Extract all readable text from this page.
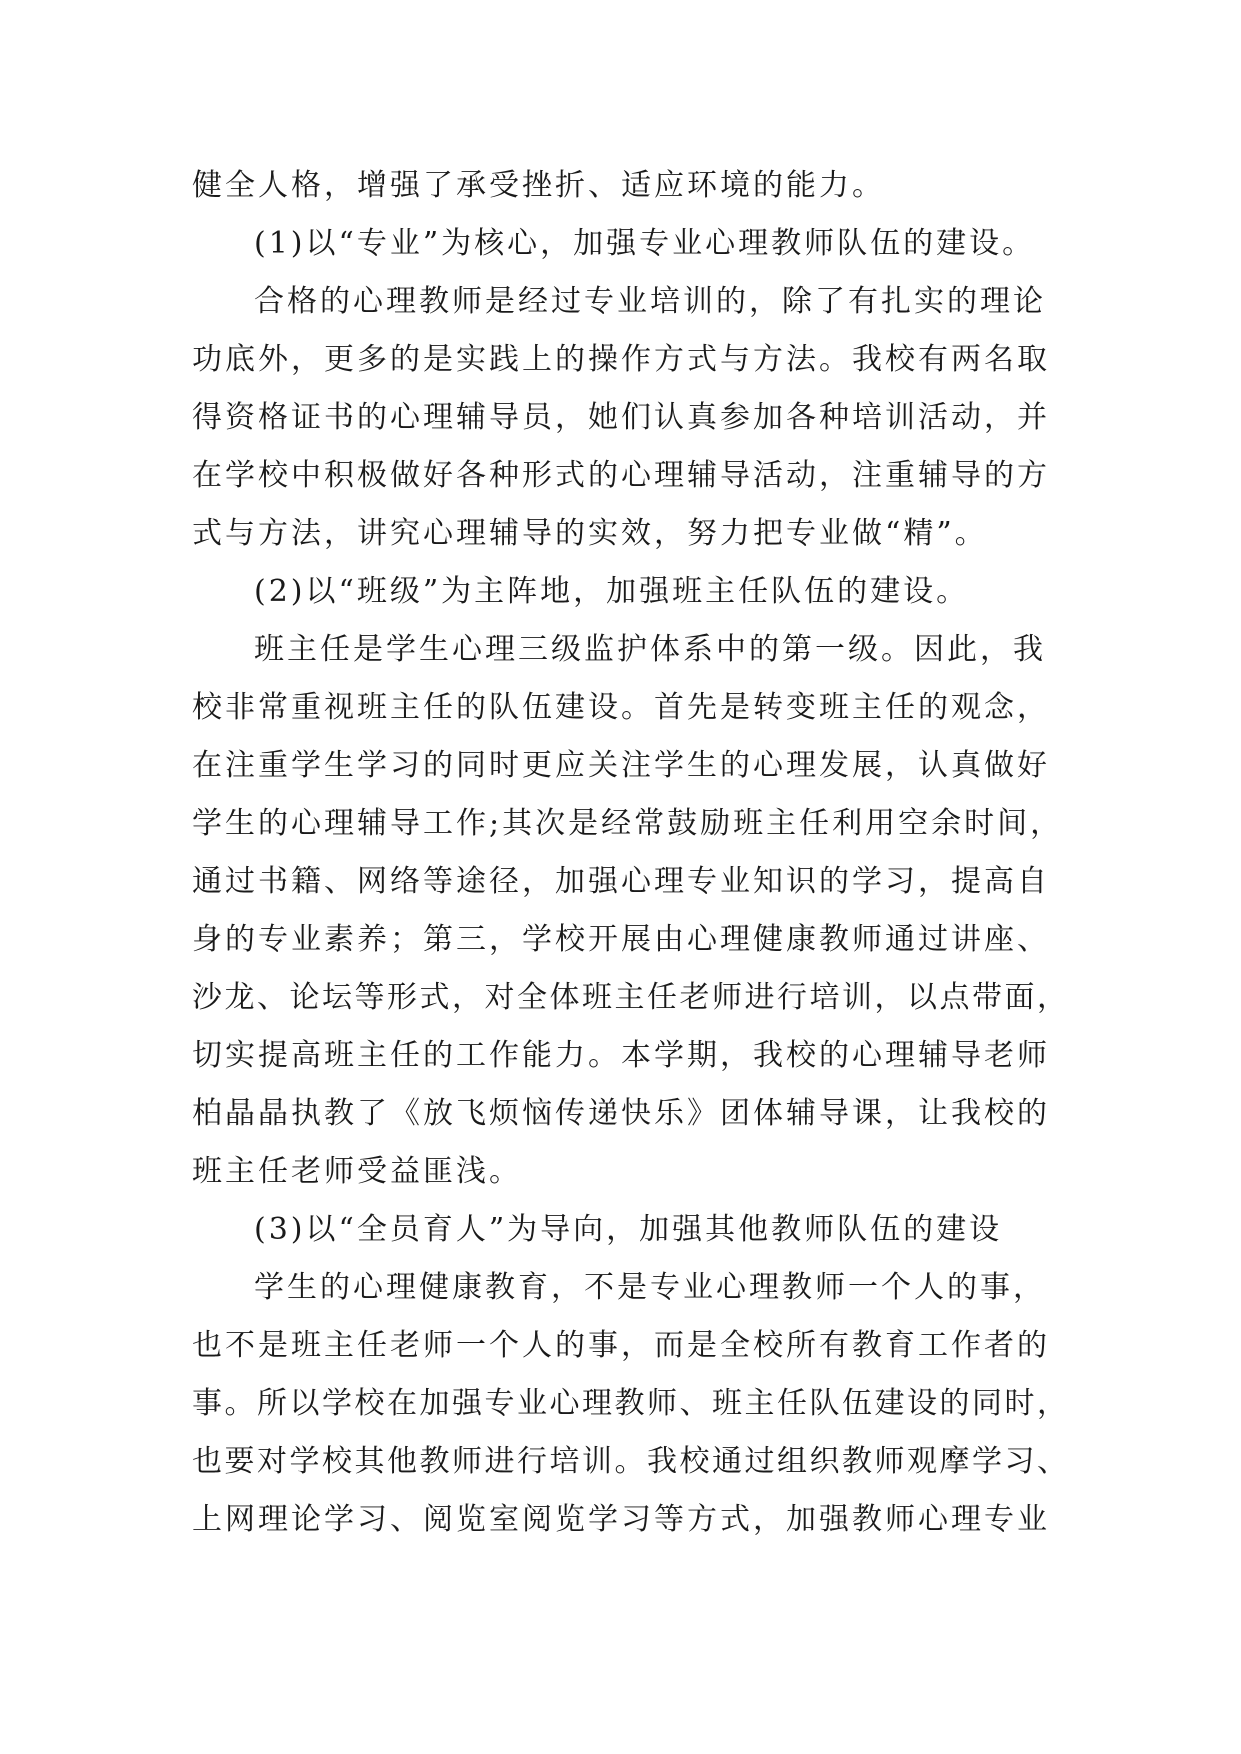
健全人格，增强了承受挫折、适应环境的能力。
(1)以“专业”为核心，加强专业心理教师队伍的建设。
合格的心理教师是经过专业培训的，除了有扎实的理论
功底外，更多的是实践上的操作方式与方法。我校有两名取
得资格证书的心理辅导员，她们认真参加各种培训活动，并
在学校中积极做好各种形式的心理辅导活动，注重辅导的方
式与方法，讲究心理辅导的实效，努力把专业做“精”。
(2)以“班级”为主阵地，加强班主任队伍的建设。
班主任是学生心理三级监护体系中的第一级。因此，我
校非常重视班主任的队伍建设。首先是转变班主任的观念，
在注重学生学习的同时更应关注学生的心理发展，认真做好
学生的心理辅导工作;其次是经常鼓励班主任利用空余时间，
通过书籍、网络等途径，加强心理专业知识的学习，提高自
身的专业素养；第三，学校开展由心理健康教师通过讲座、
沙龙、论坛等形式，对全体班主任老师进行培训，以点带面，
切实提高班主任的工作能力。本学期，我校的心理辅导老师
柏晶晶执教了《放飞烦恼传递快乐》团体辅导课，让我校的
班主任老师受益匪浅。
(3)以“全员育人”为导向，加强其他教师队伍的建设
学生的心理健康教育，不是专业心理教师一个人的事，
也不是班主任老师一个人的事，而是全校所有教育工作者的
事。所以学校在加强专业心理教师、班主任队伍建设的同时，
也要对学校其他教师进行培训。我校通过组织教师观摩学习、
上网理论学习、阅览室阅览学习等方式，加强教师心理专业
